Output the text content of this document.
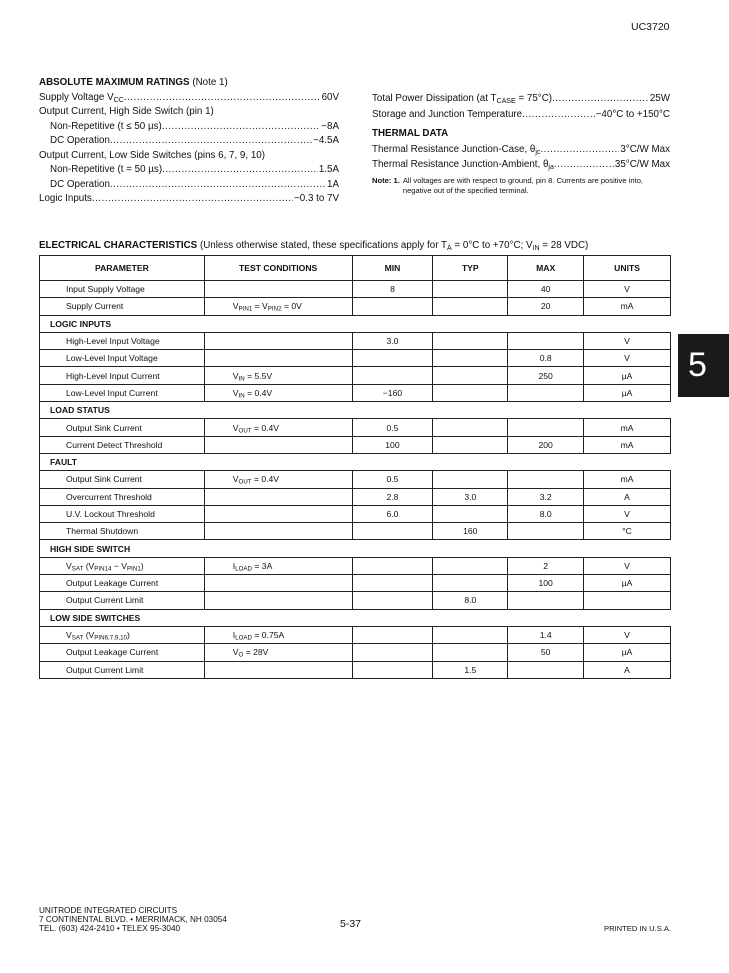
UC3720
ABSOLUTE MAXIMUM RATINGS (Note 1)
Supply Voltage $V_{CC}$ .....	60V
Output Current, High Side Switch (pin 1)
Non-Repetitive (t ≤ 50 µs) .....	−8A
DC Operation .....	−4.5A
Output Current, Low Side Switches (pins 6, 7, 9, 10)
Non-Repetitive (t = 50 µs) .....	1.5A
DC Operation .....	1A
Logic Inputs .....	−0.3 to 7V
Total Power Dissipation (at $T_{CASE} = 75^\circ C$) .....	25W
Storage and Junction Temperature .....	−40°C to +150°C
THERMAL DATA
Thermal Resistance Junction-Case, $\theta_{jc}$ .....	3°C/W Max
Thermal Resistance Junction-Ambient, $\theta_{ja}$ .....	35°C/W Max
Note: 1. All voltages are with respect to ground, pin 8. Currents are positive into, negative out of the specified terminal.
ELECTRICAL CHARACTERISTICS (Unless otherwise stated, these specifications apply for $T_A = 0^\circ C$ to +70°C; $V_{IN} = 28$ VDC)
PARAMETER	TEST CONDITIONS	MIN	TYP	MAX	UNITS
Input Supply Voltage		8		40	V
Supply Current	$V_{PIN1} = V_{PIN2} = 0V$			20	mA
LOGIC INPUTS					
High-Level Input Voltage		3.0			V
Low-Level Input Voltage				0.8	V
High-Level Input Current	$V_{IN} = 5.5V$			250	µA
Low-Level Input Current	$V_{IN} = 0.4V$	−160			µA
LOAD STATUS					
Output Sink Current	$V_{OUT} = 0.4V$	0.5			mA
Current Detect Threshold		100		200	mA
FAULT					
Output Sink Current	$V_{OUT} = 0.4V$	0.5			mA
Overcurrent Threshold		2.8	3.0	3.2	A
U.V. Lockout Threshold		6.0		8.0	V
Thermal Shutdown			160		°C
HIGH SIDE SWITCH					
$V_{SAT}$ $(V_{PIN14} - V_{PIN1})$	$I_{LOAD} = 3A$			2	V
Output Leakage Current				100	µA
Output Current Limit			8.0		
LOW SIDE SWITCHES					
$V_{SAT}$ $(V_{PIN6,7,9,10})$	$I_{LOAD} = 0.75A$			1.4	V
Output Leakage Current	$V_O = 28V$			50	µA
Output Current Limit			1.5		A
5
UNITRODE INTEGRATED CIRCUITS
7 CONTINENTAL BLVD. • MERRIMACK, NH 03054
TEL. (603) 424-2410 • TELEX 95-3040	5-37	PRINTED IN U.S.A.
